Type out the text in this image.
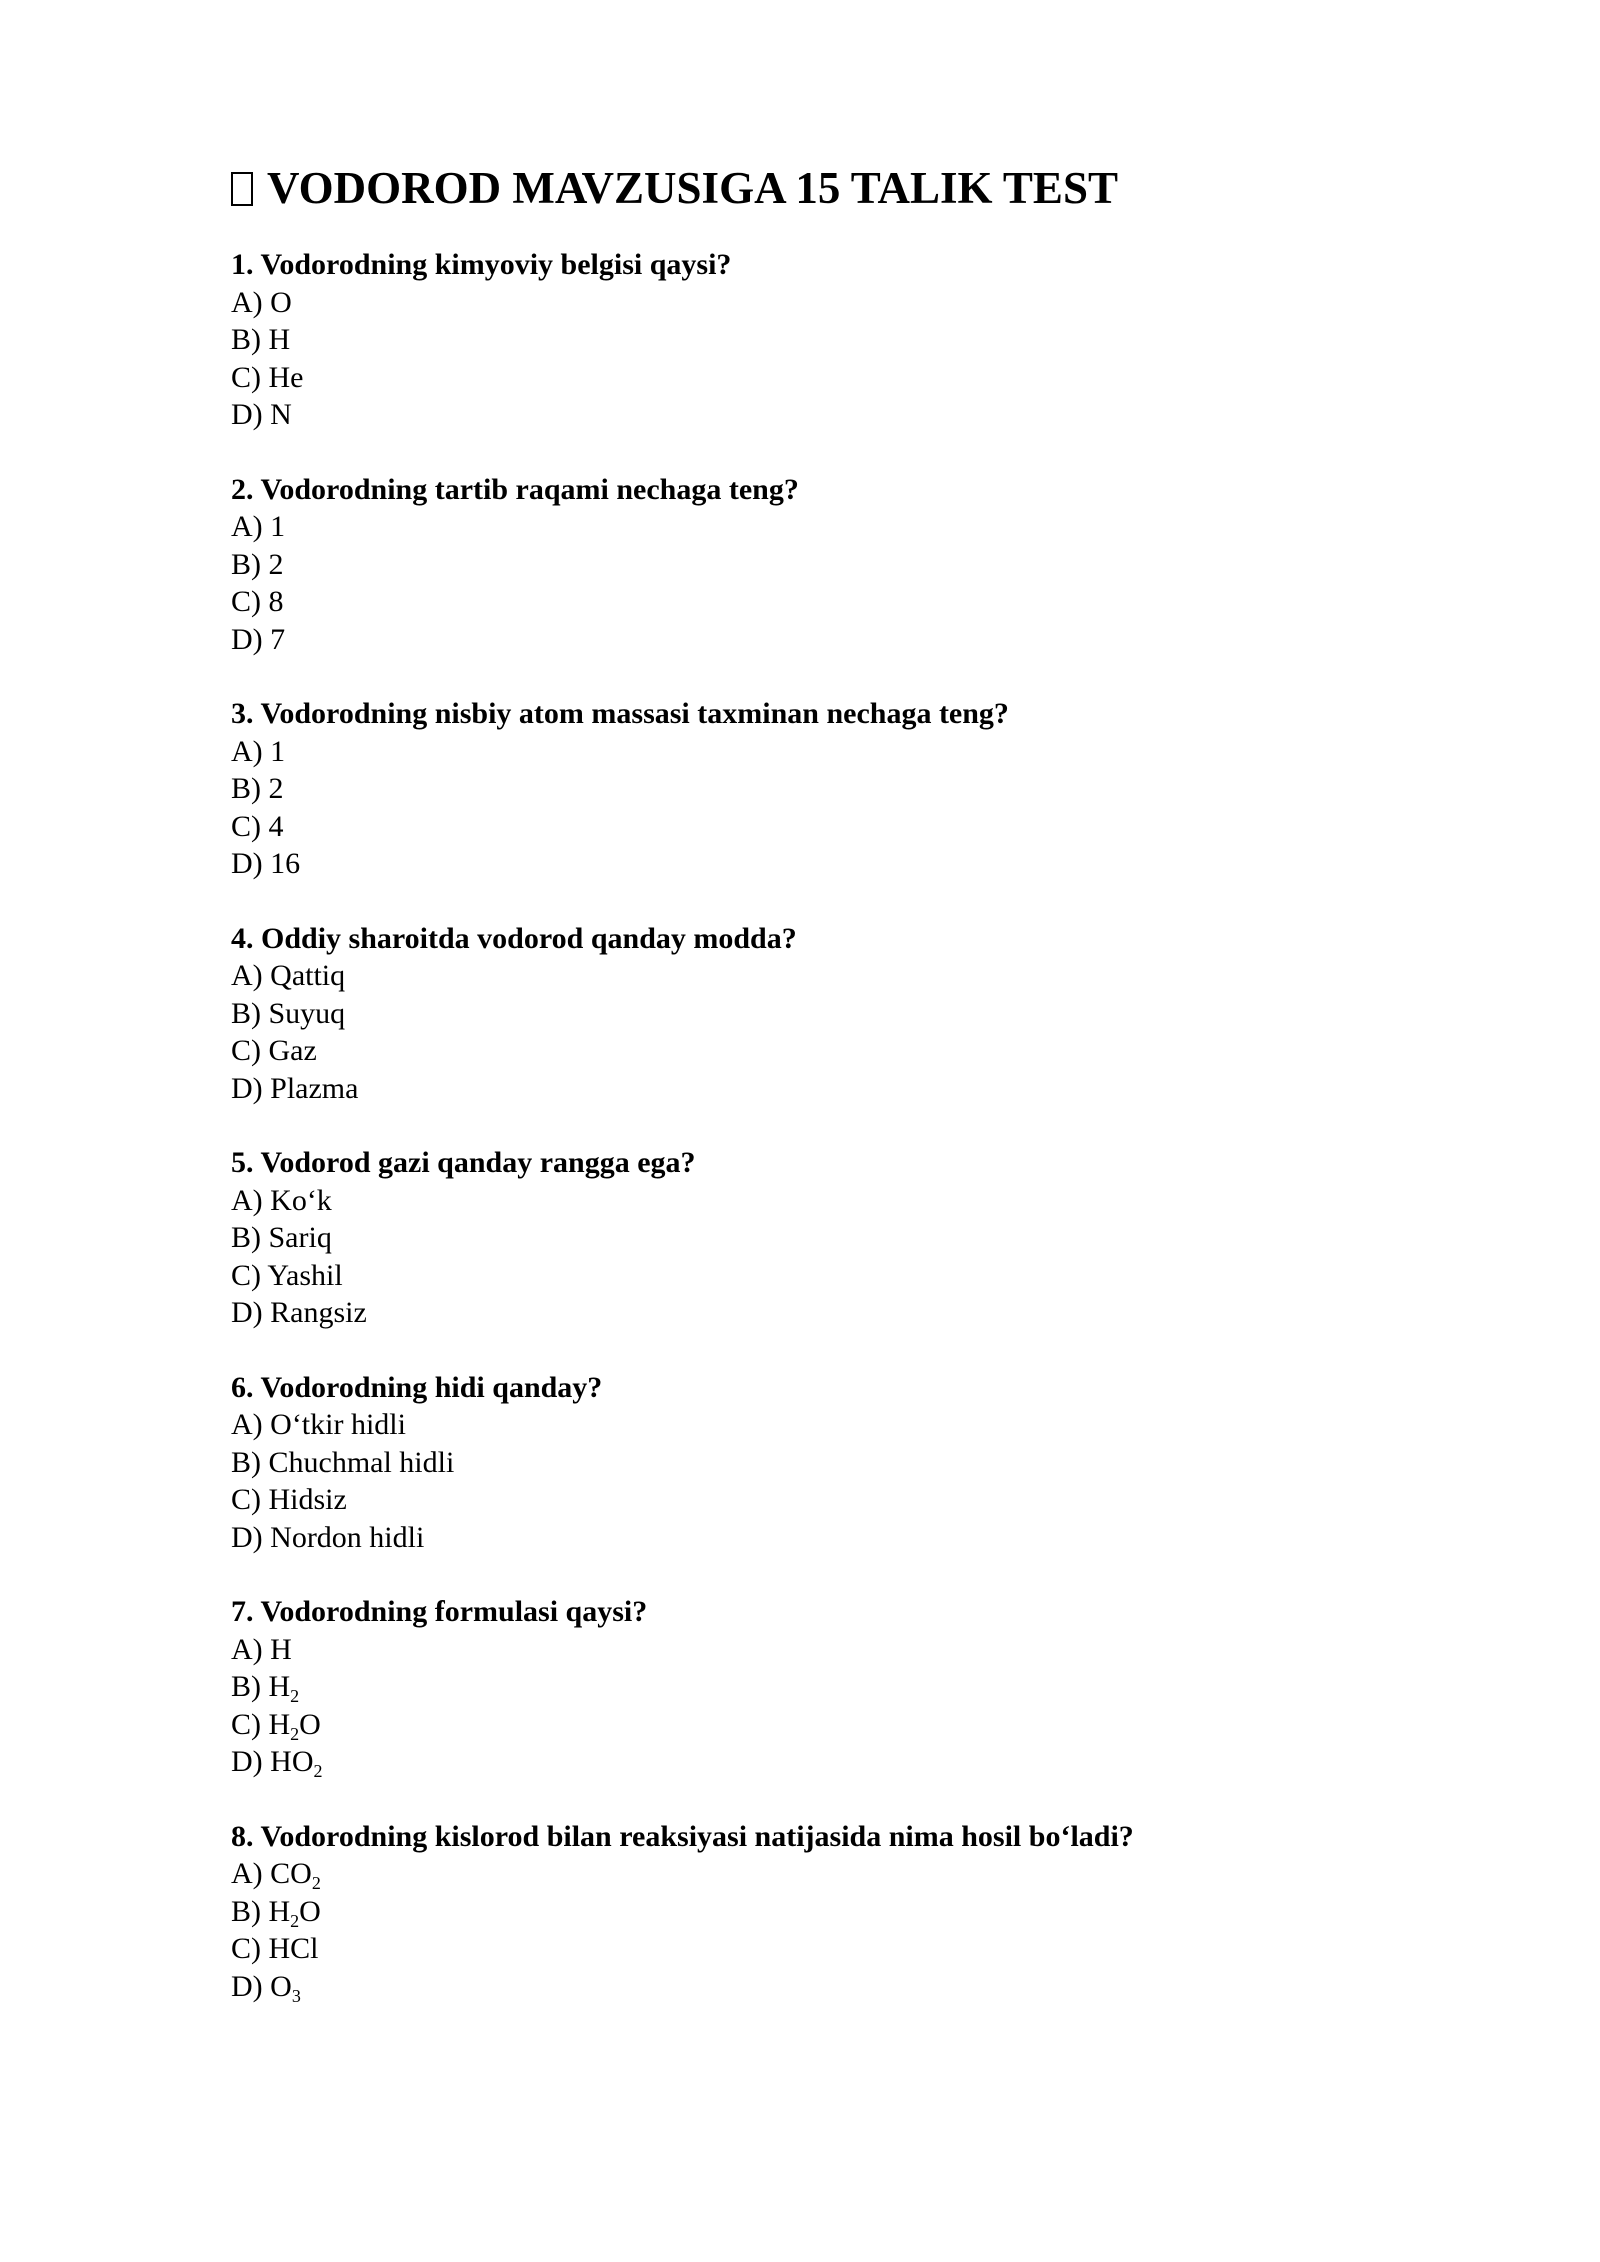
VODOROD MAVZUSIGA 15 TALIK TEST
1. Vodorodning kimyoviy belgisi qaysi?
A) O
B) H
C) He
D) N
2. Vodorodning tartib raqami nechaga teng?
A) 1
B) 2
C) 8
D) 7
3. Vodorodning nisbiy atom massasi taxminan nechaga teng?
A) 1
B) 2
C) 4
D) 16
4. Oddiy sharoitda vodorod qanday modda?
A) Qattiq
B) Suyuq
C) Gaz
D) Plazma
5. Vodorod gazi qanday rangga ega?
A) Ko‘k
B) Sariq
C) Yashil
D) Rangsiz
6. Vodorodning hidi qanday?
A) O‘tkir hidli
B) Chuchmal hidli
C) Hidsiz
D) Nordon hidli
7. Vodorodning formulasi qaysi?
A) H
B) $H_2$
C) $H_2O$
D) $HO_2$
8. Vodorodning kislorod bilan reaksiyasi natijasida nima hosil bo‘ladi?
A) $CO_2$
B) $H_2O$
C) HCl
D) $O_3$
